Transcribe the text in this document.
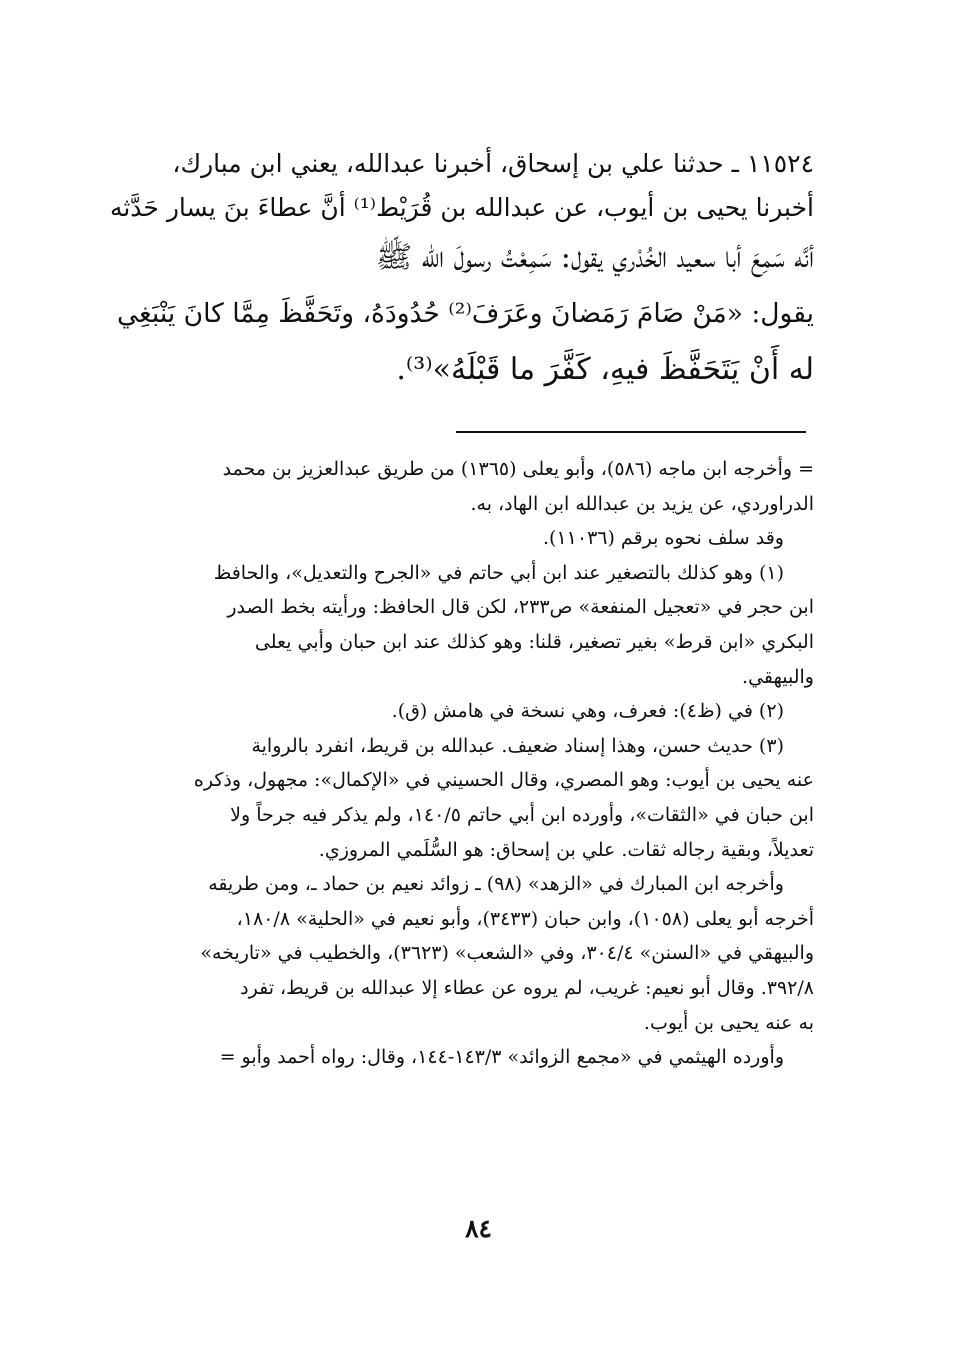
١١٥٢٤ ـ حدثنا علي بن إسحاق، أخبرنا عبدالله، يعني ابن مبارك،

أخبرنا يحيى بن أيوب، عن عبدالله بن قُرَيْط⁽¹⁾ أنَّ عطاءَ بنَ يسار حَدَّثه

أنَّه سَمِعَ أبا سعيد الخُدْري يقول: سَمِعْتُ رسولَ الله ﷺ

يقول: «مَنْ صَامَ رَمَضانَ وعَرَفَ⁽²⁾ حُدُودَهُ، وتَحَفَّظَ مِمَّا كانَ يَنْبَغِي

له أَنْ يَتَحَفَّظَ فيهِ، كَفَّرَ ما قَبْلَهُ»⁽³⁾.

= وأخرجه ابن ماجه (٥٨٦)، وأبو يعلى (١٣٦٥) من طريق عبدالعزيز بن محمد

الدراوردي، عن يزيد بن عبدالله ابن الهاد، به.

وقد سلف نحوه برقم (١١٠٣٦).

(١) وهو كذلك بالتصغير عند ابن أبي حاتم في «الجرح والتعديل»، والحافظ

ابن حجر في «تعجيل المنفعة» ص٢٣٣، لكن قال الحافظ: ورأيته بخط الصدر

البكري «ابن قرط» بغير تصغير، قلنا: وهو كذلك عند ابن حبان وأبي يعلى

والبيهقي.

(٢) في (ظ٤): فعرف، وهي نسخة في هامش (ق).

(٣) حديث حسن، وهذا إسناد ضعيف. عبدالله بن قريط، انفرد بالرواية

عنه يحيى بن أيوب: وهو المصري، وقال الحسيني في «الإكمال»: مجهول، وذكره

ابن حبان في «الثقات»، وأورده ابن أبي حاتم ١٤٠/٥، ولم يذكر فيه جرحاً ولا

تعديلاً، وبقية رجاله ثقات. علي بن إسحاق: هو السُّلَمي المروزي.

وأخرجه ابن المبارك في «الزهد» (٩٨) ـ زوائد نعيم بن حماد ـ، ومن طريقه

أخرجه أبو يعلى (١٠٥٨)، وابن حبان (٣٤٣٣)، وأبو نعيم في «الحلية» ١٨٠/٨،

والبيهقي في «السنن» ٣٠٤/٤، وفي «الشعب» (٣٦٢٣)، والخطيب في «تاريخه»

٣٩٢/٨. وقال أبو نعيم: غريب، لم يروه عن عطاء إلا عبدالله بن قريط، تفرد

به عنه يحيى بن أيوب.

وأورده الهيثمي في «مجمع الزوائد» ١٤٣/٣-١٤٤، وقال: رواه أحمد وأبو =

٨٤
